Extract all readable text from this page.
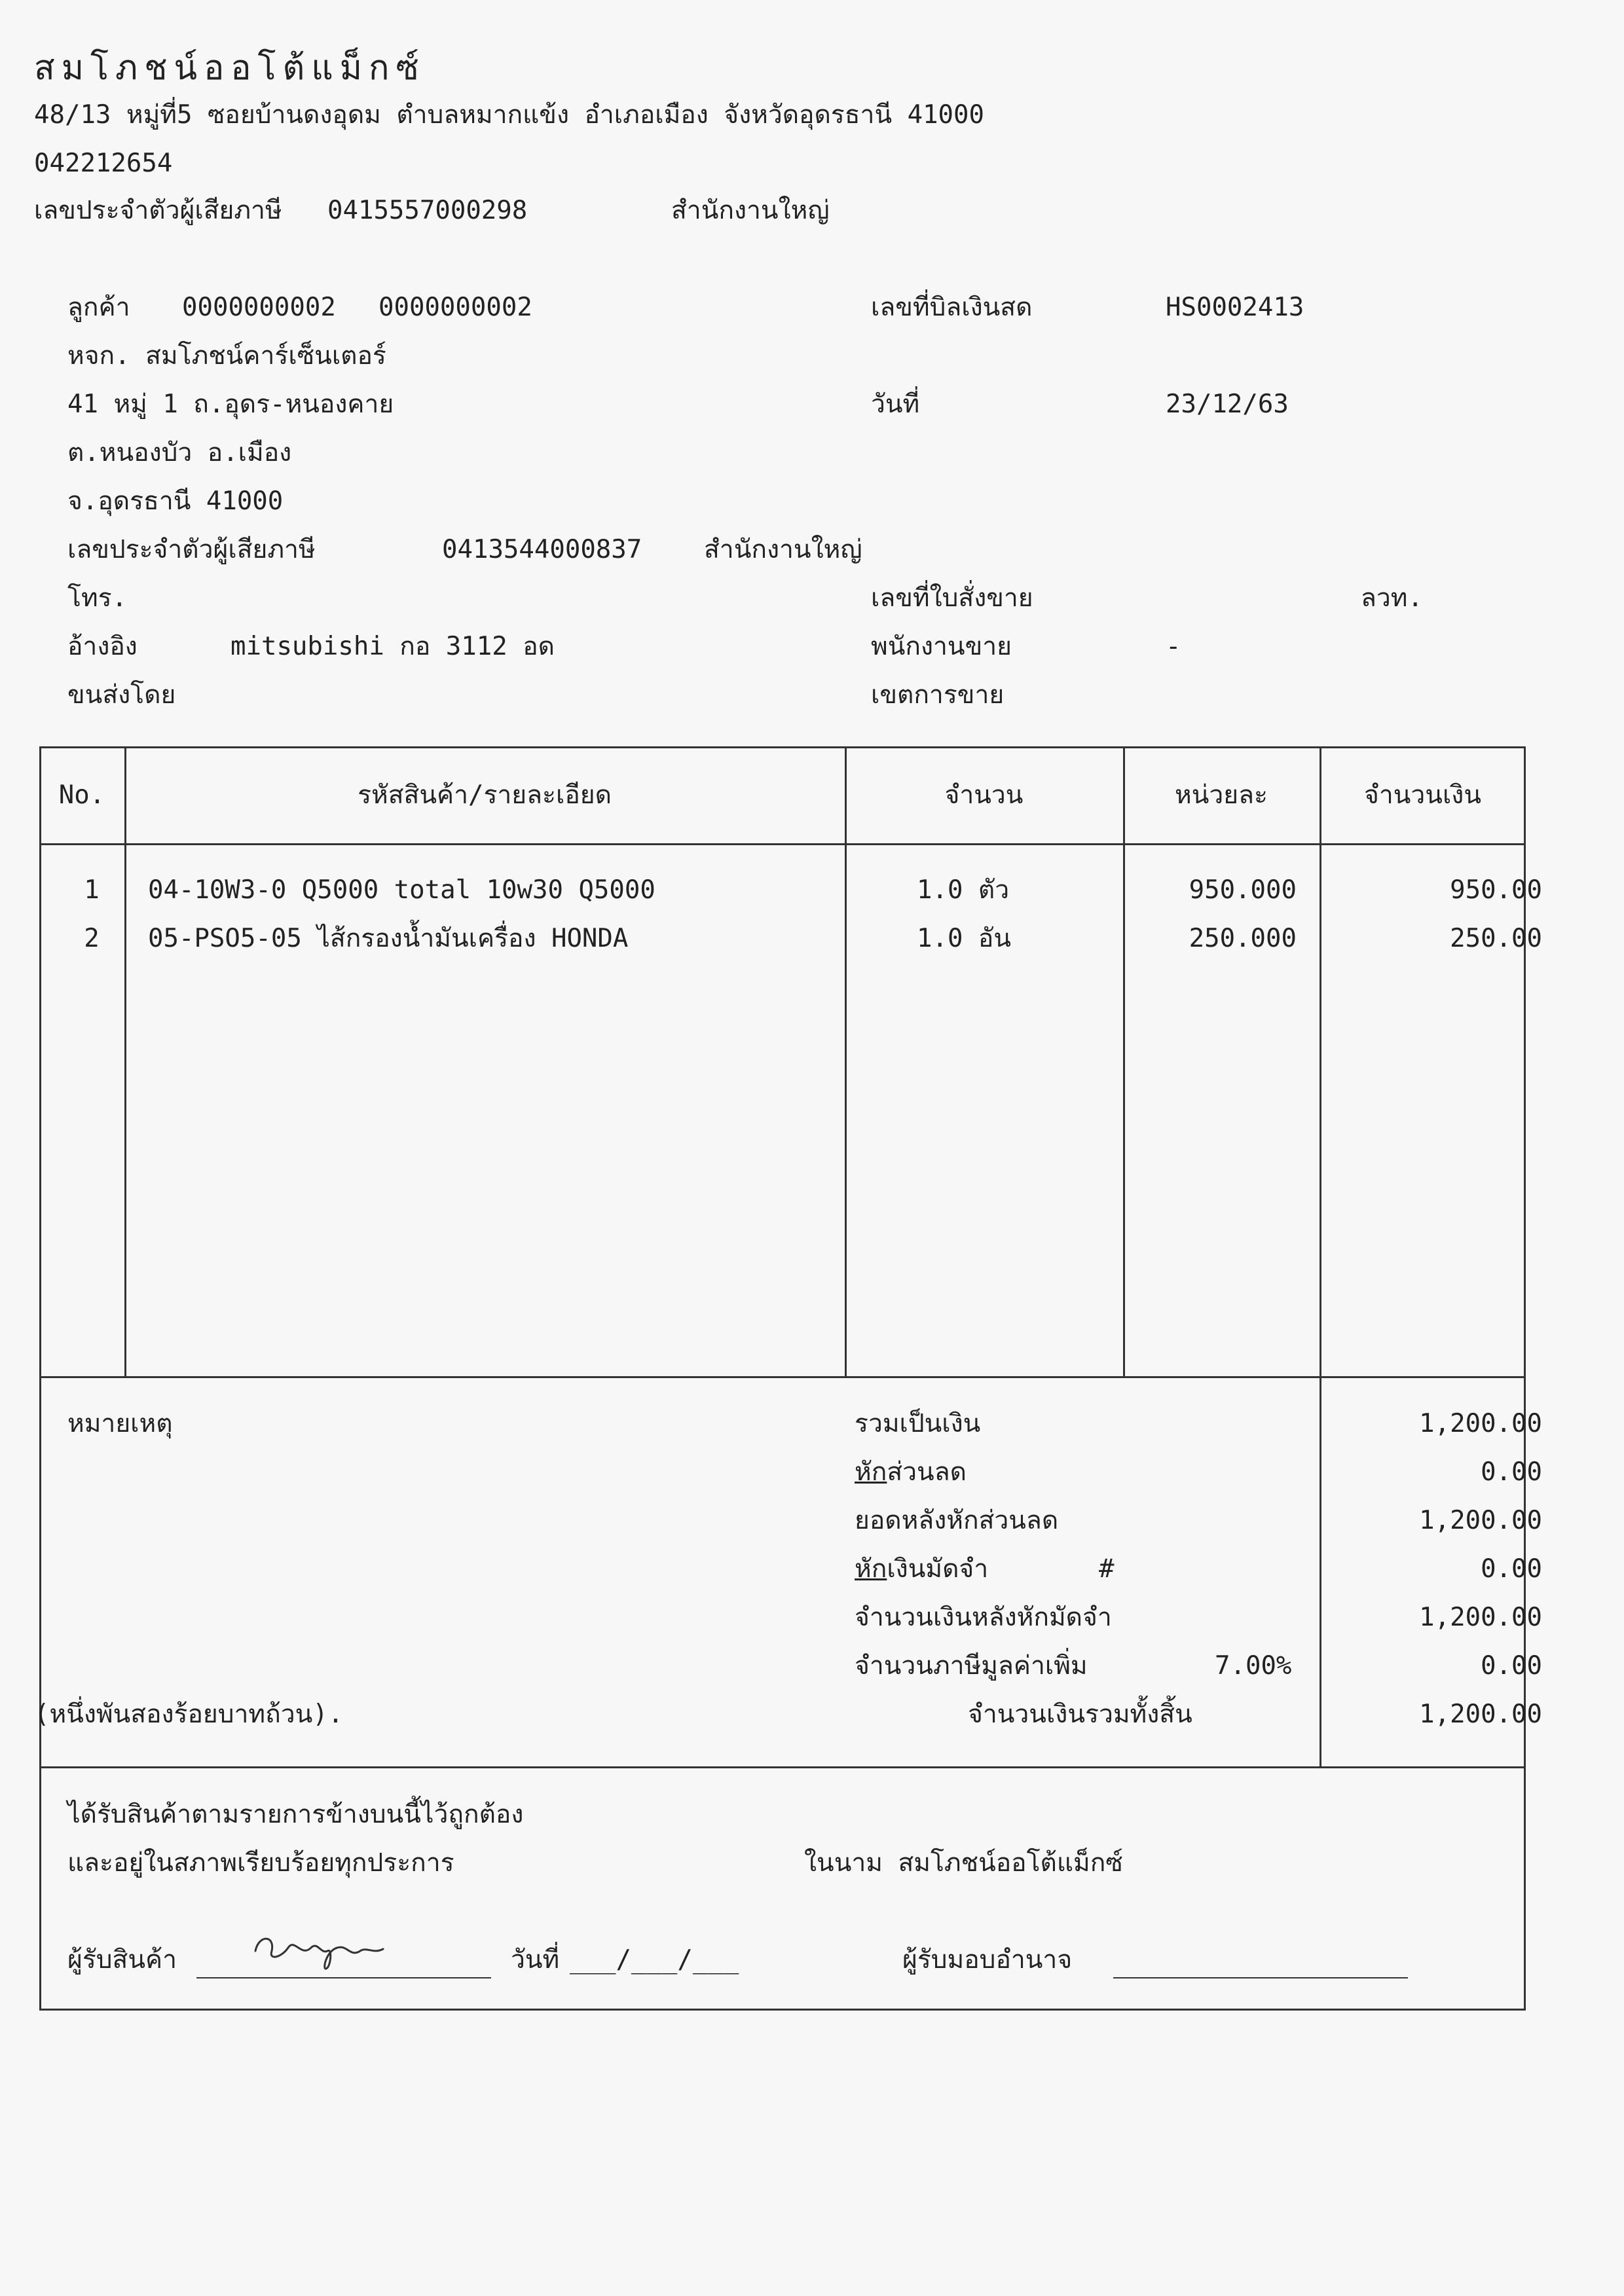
สมโภชน์ออโต้แม็กซ์
48/13 หมู่ที่5 ซอยบ้านดงอุดม ตำบลหมากแข้ง อำเภอเมือง จังหวัดอุดรธานี 41000
042212654
เลขประจำตัวผู้เสียภาษี 0415557000298	สำนักงานใหญ่
ลูกค้า 0000000002 0000000002
หจก. สมโภชน์คาร์เซ็นเตอร์
41 หมู่ 1 ถ.อุดร-หนองคาย
ต.หนองบัว อ.เมือง
จ.อุดรธานี 41000
เลขประจำตัวผู้เสียภาษี	0413544000837 สำนักงานใหญ่
โทร.
อ้างอิง	mitsubishi กอ 3112 อด
ขนส่งโดย
เลขที่บิลเงินสด	HS0002413
วันที่	23/12/63
เลขที่ใบสั่งขาย	ลวท.
พนักงานขาย	-
เขตการขาย
No.	รหัสสินค้า/รายละเอียด	จำนวน	หน่วยละ	จำนวนเงิน
1	04-10W3-0 Q5000 total 10w30 Q5000	1.0 ตัว	950.000	950.00
2	05-PSO5-05 ไส้กรองน้ำมันเครื่อง HONDA	1.0 อัน	250.000	250.00
หมายเหตุ	รวมเป็นเงิน	1,200.00
หักส่วนลด	0.00
ยอดหลังหักส่วนลด	1,200.00
หักเงินมัดจำ	#	0.00
จำนวนเงินหลังหักมัดจำ	1,200.00
จำนวนภาษีมูลค่าเพิ่ม	7.00%	0.00
(หนึ่งพันสองร้อยบาทถ้วน).	จำนวนเงินรวมทั้งสิ้น	1,200.00
ได้รับสินค้าตามรายการข้างบนนี้ไว้ถูกต้อง
และอยู่ในสภาพเรียบร้อยทุกประการ	ในนาม สมโภชน์ออโต้แม็กซ์
ผู้รับสินค้า	วันที่ ___/___/___	ผู้รับมอบอำนาจ
